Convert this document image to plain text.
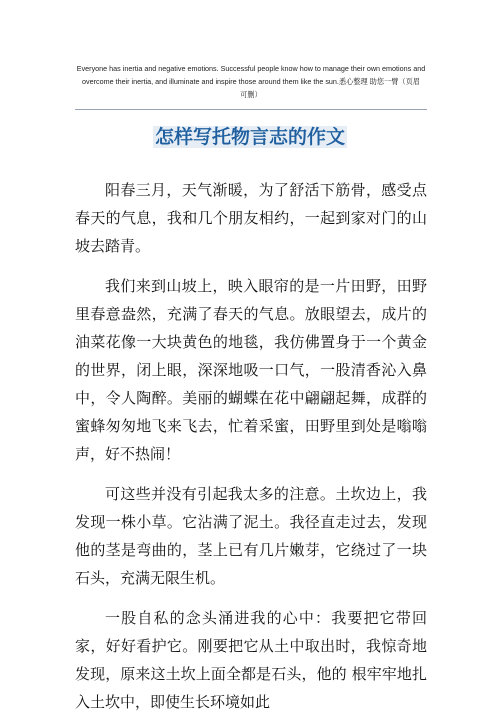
Everyone has inertia and negative emotions. Successful people know how to manage their own emotions and
overcome their inertia, and illuminate and inspire those around them like the sun.悉心整理 助您一臂（页眉
可删）
怎样写托物言志的作文

阳春三月，天气渐暖，为了舒活下筋骨，感受点春天的气息，我和几个朋友相约，一起到家对门的山坡去踏青。

我们来到山坡上，映入眼帘的是一片田野，田野里春意盎然，充满了春天的气息。放眼望去，成片的油菜花像一大块黄色的地毯，我仿佛置身于一个黄金的世界，闭上眼，深深地吸一口气，一股清香沁入鼻中，令人陶醉。美丽的蝴蝶在花中翩翩起舞，成群的蜜蜂匆匆地飞来飞去，忙着采蜜，田野里到处是嗡嗡声，好不热闹！

可这些并没有引起我太多的注意。土坎边上，我发现一株小草。它沾满了泥土。我径直走过去，发现他的茎是弯曲的，茎上已有几片嫩芽，它绕过了一块石头，充满无限生机。

一股自私的念头涌进我的心中：我要把它带回家，好好看护它。刚要把它从土中取出时，我惊奇地发现，原来这土坎上面全都是石头，他的 根牢牢地扎入土坎中，即使生长环境如此
